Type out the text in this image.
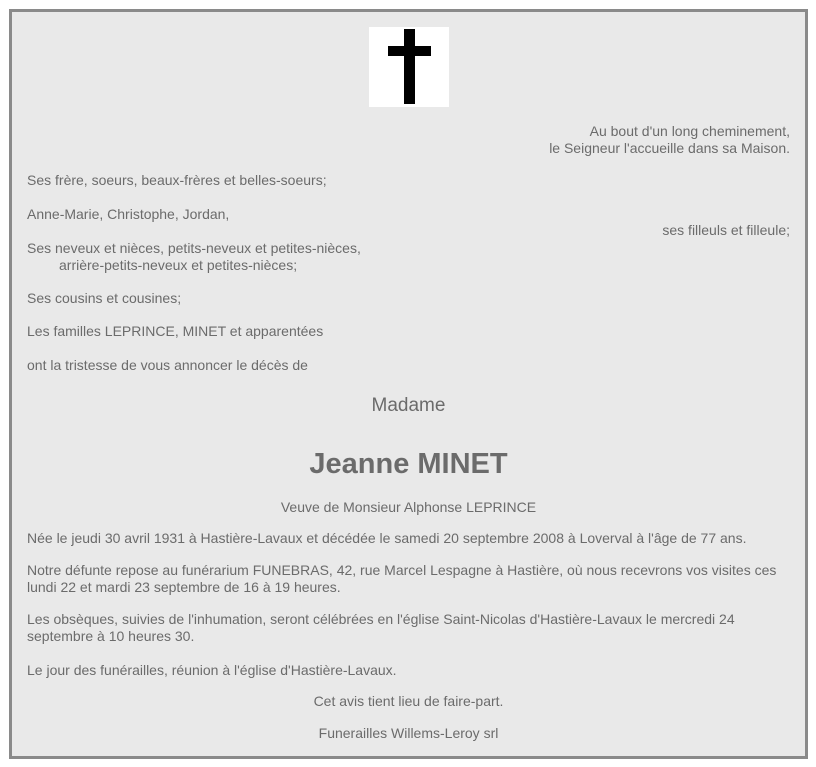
Au bout d'un long cheminement,
le Seigneur l'accueille dans sa Maison.
Ses frère, soeurs, beaux-frères et belles-soeurs;
Anne-Marie, Christophe, Jordan,
ses filleuls et filleule;
Ses neveux et nièces, petits-neveux et petites-nièces,
arrière-petits-neveux et petites-nièces;
Ses cousins et cousines;
Les familles LEPRINCE, MINET et apparentées
ont la tristesse de vous annoncer le décès de
Madame
Jeanne MINET
Veuve de Monsieur Alphonse LEPRINCE
Née le jeudi 30 avril 1931 à Hastière-Lavaux et décédée le samedi 20 septembre 2008 à Loverval à l'âge de 77 ans.
Notre défunte repose au funérarium FUNEBRAS, 42, rue Marcel Lespagne à Hastière, où nous recevrons vos visites ces lundi 22 et mardi 23 septembre de 16 à 19 heures.
Les obsèques, suivies de l'inhumation, seront célébrées en l'église Saint-Nicolas d'Hastière-Lavaux le mercredi 24 septembre à 10 heures 30.
Le jour des funérailles, réunion à l'église d'Hastière-Lavaux.
Cet avis tient lieu de faire-part.
Funerailles Willems-Leroy srl
